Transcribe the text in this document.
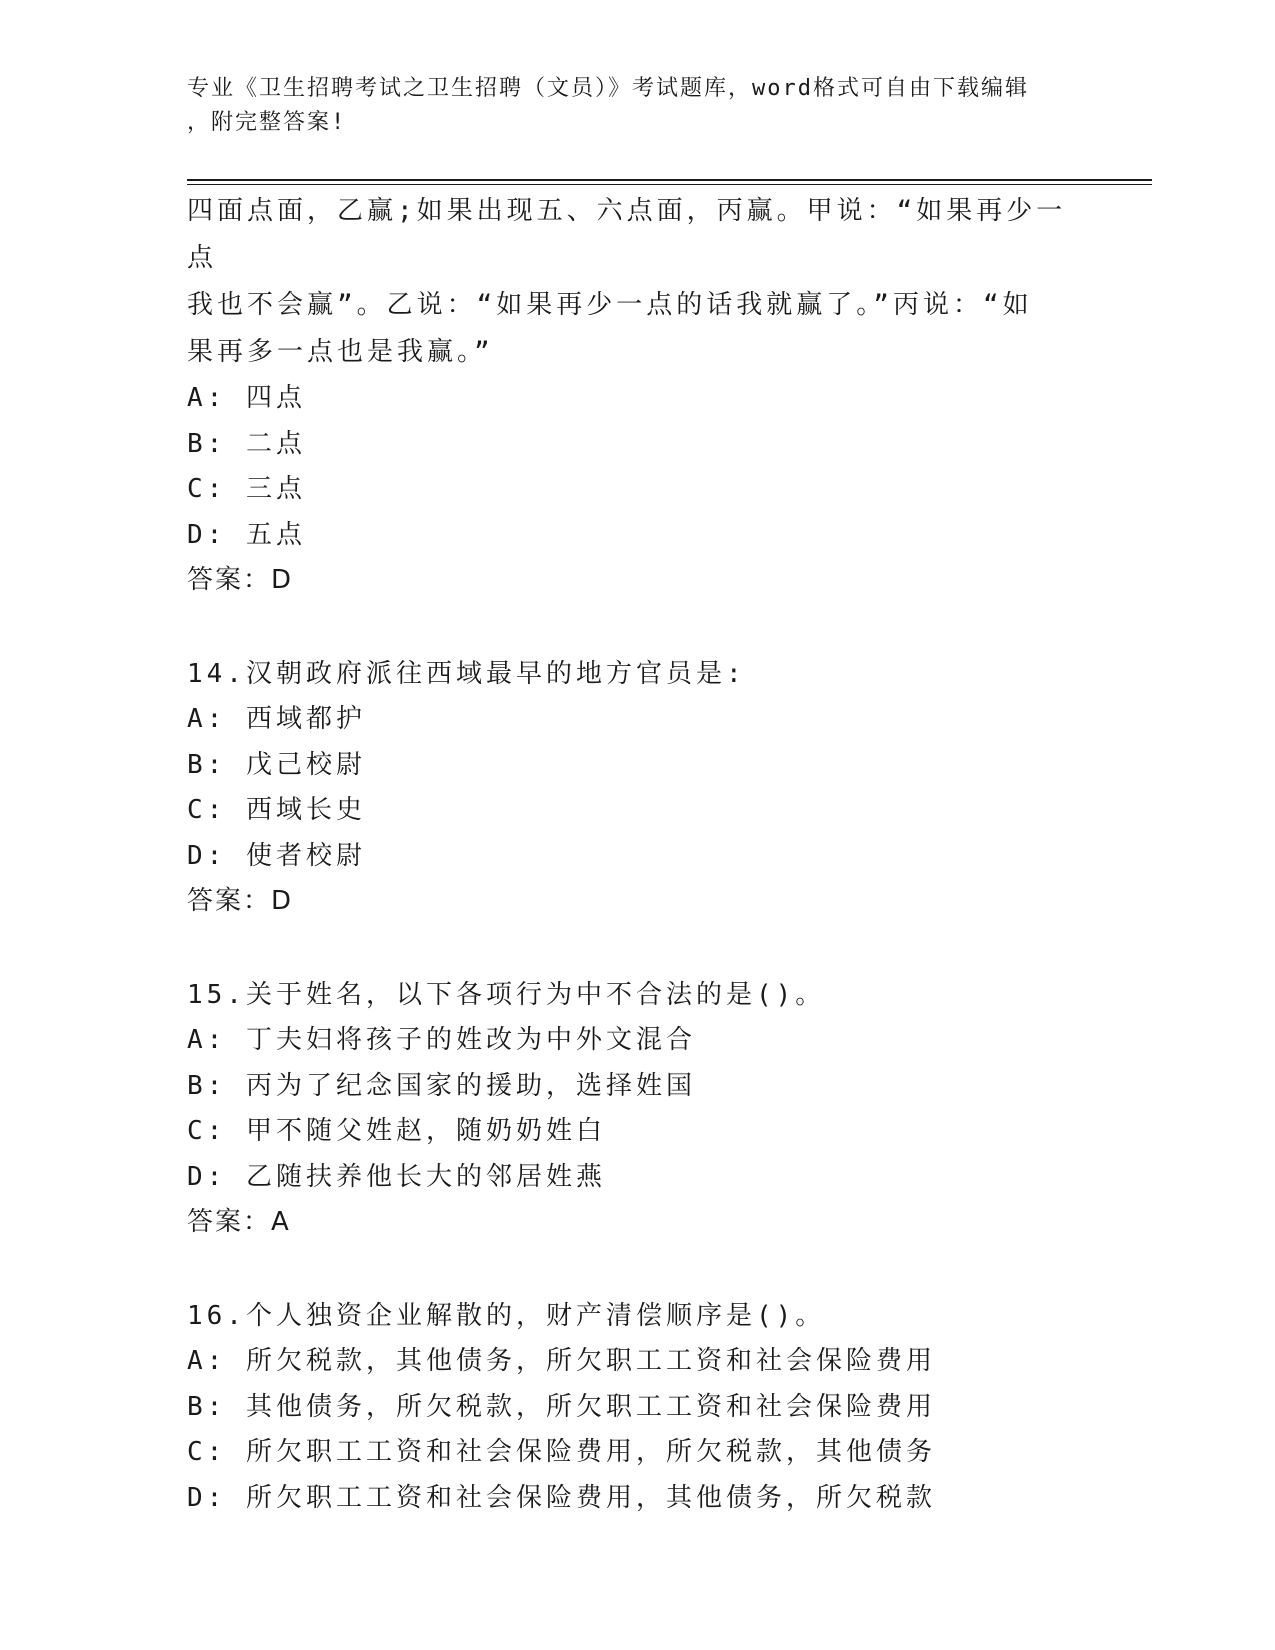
专业《卫生招聘考试之卫生招聘（文员）》考试题库，word格式可自由下载编辑
，附完整答案!
四面点面，乙赢;如果出现五、六点面，丙赢。甲说：“如果再少一点
我也不会赢”。乙说：“如果再少一点的话我就赢了。”丙说：“如
果再多一点也是我赢。”
A: 四点
B: 二点
C: 三点
D: 五点
答案：D
14.汉朝政府派往西域最早的地方官员是:
A: 西域都护
B: 戊己校尉
C: 西域长史
D: 使者校尉
答案：D
15.关于姓名，以下各项行为中不合法的是()。
A: 丁夫妇将孩子的姓改为中外文混合
B: 丙为了纪念国家的援助，选择姓国
C: 甲不随父姓赵，随奶奶姓白
D: 乙随扶养他长大的邻居姓燕
答案：A
16.个人独资企业解散的，财产清偿顺序是()。
A: 所欠税款，其他债务，所欠职工工资和社会保险费用
B: 其他债务，所欠税款，所欠职工工资和社会保险费用
C: 所欠职工工资和社会保险费用，所欠税款，其他债务
D: 所欠职工工资和社会保险费用，其他债务，所欠税款
